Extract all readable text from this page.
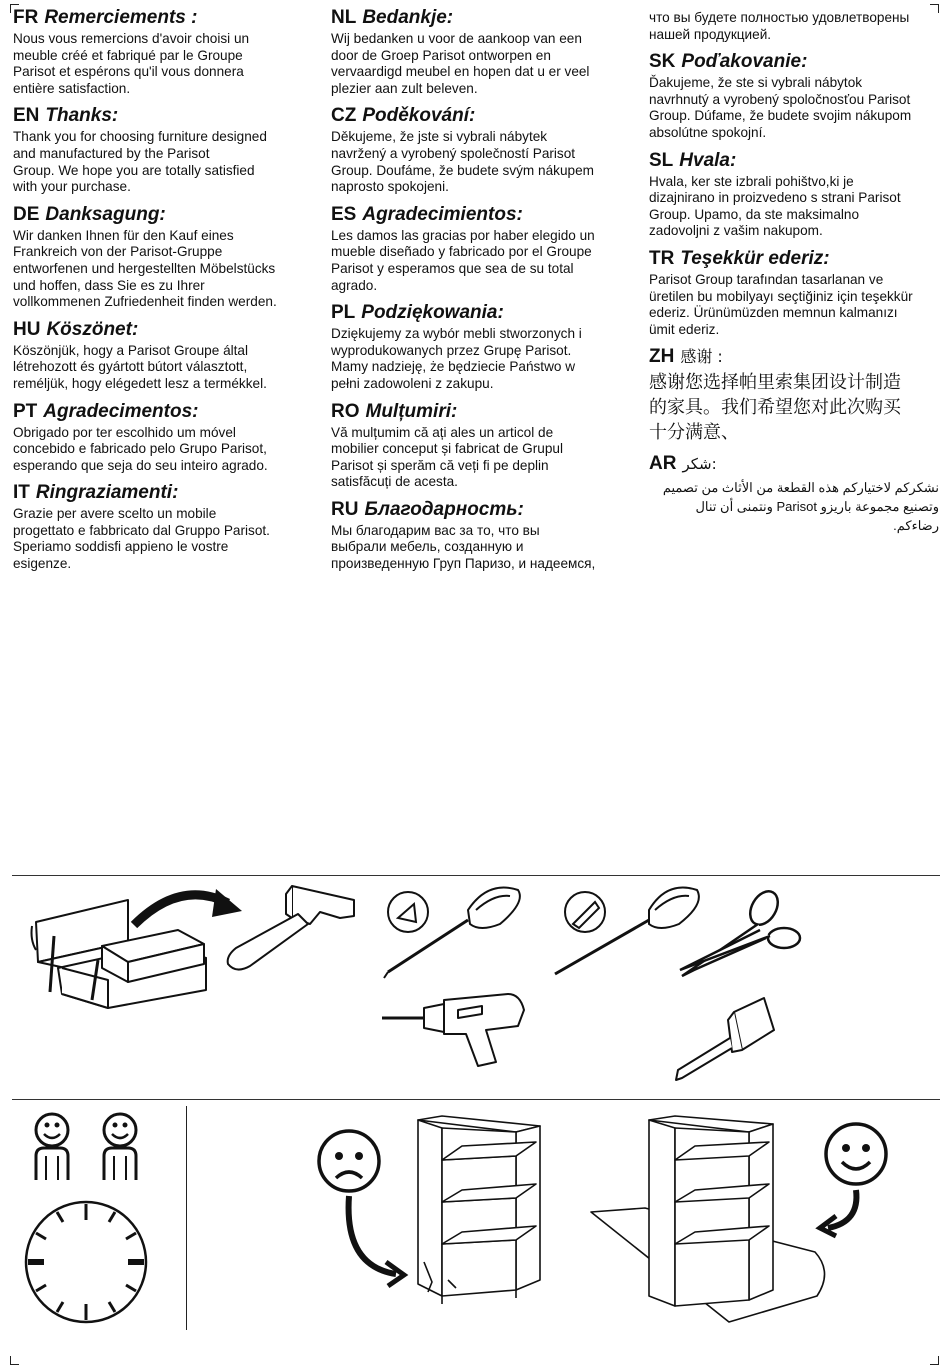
FR Remerciements :
Nous vous remercions d'avoir choisi un
meuble créé et fabriqué par le Groupe
Parisot et espérons qu'il vous donnera
entière satisfaction.
EN Thanks:
Thank you for choosing furniture designed
and manufactured by the Parisot
Group. We hope you are totally satisfied
with your purchase.
DE Danksagung:
Wir danken Ihnen für den Kauf eines
Frankreich von der Parisot-Gruppe
entworfenen und hergestellten Möbelstücks
und hoffen, dass Sie es zu Ihrer
vollkommenen Zufriedenheit finden werden.
HU Köszönet:
Köszönjük, hogy a Parisot Groupe által
létrehozott és gyártott bútort választott,
reméljük, hogy elégedett lesz a termékkel.
PT Agradecimentos:
Obrigado por ter escolhido um móvel
concebido e fabricado pelo Grupo Parisot,
esperando que seja do seu inteiro agrado.
IT Ringraziamenti:
Grazie per avere scelto un mobile
progettato e fabbricato dal Gruppo Parisot.
Speriamo soddisfi appieno le vostre
esigenze.
NL Bedankje:
Wij bedanken u voor de aankoop van een
door de Groep Parisot ontworpen en
vervaardigd meubel en hopen dat u er veel
plezier aan zult beleven.
CZ Poděkování:
Děkujeme, že jste si vybrali nábytek
navržený a vyrobený společností Parisot
Group. Doufáme, že budete svým nákupem
naprosto spokojeni.
ES Agradecimientos:
Les damos las gracias por haber elegido un
mueble diseñado y fabricado por el Groupe
Parisot y esperamos que sea de su total
agrado.
PL Podziękowania:
Dziękujemy za wybór mebli stworzonych i
wyprodukowanych przez Grupę Parisot.
Mamy nadzieję, że będziecie Państwo w
pełni zadowoleni z zakupu.
RO Mulțumiri:
Vă mulțumim că ați ales un articol de
mobilier conceput și fabricat de Grupul
Parisot și sperăm că veți fi pe deplin
satisfăcuți de acesta.
RU Благодарность:
Мы благодарим вас за то, что вы
выбрали мебель, созданную и
произведенную Груп Паризо, и надеемся,
что вы будете полностью удовлетворены
нашей продукцией.
SK Poďakovanie:
Ďakujeme, že ste si vybrali nábytok
navrhnutý a vyrobený spoločnosťou Parisot
Group. Dúfame, že budete svojim nákupom
absolútne spokojní.
SL Hvala:
Hvala, ker ste izbrali pohištvo,ki je
dizajnirano in proizvedeno s strani Parisot
Group. Upamo, da ste maksimalno
zadovoljni z vašim nakupom.
TR Teşekkür ederiz:
Parisot Group tarafından tasarlanan ve
üretilen bu mobilyayı seçtiğiniz için teşekkür
ederiz. Ürünümüzden memnun kalmanızı
ümit ederiz.
ZH 感谢 :
感谢您选择帕里索集团设计制造
的家具。我们希望您对此次购买
十分满意、
AR شكر:
نشكركم لاختياركم هذه القطعة من الأثاث من تصميم
وتصنيع مجموعة باريزو Parisot ونتمنى أن تنال
رضاءكم.
